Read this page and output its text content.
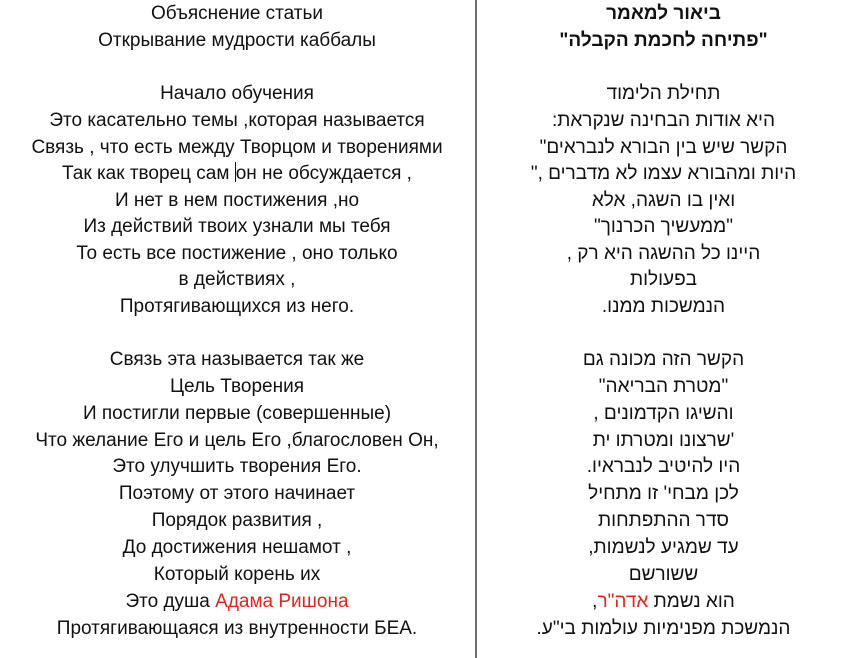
Объяснение статьи
Открывание мудрости каббалы
Начало обучения
Это касательно темы ,которая называется
Связь , что есть между Творцом и творениями
Так как творец сам он не обсуждается ,
И нет в нем постижения ,но
Из действий твоих узнали мы тебя
То есть все постижение , оно только
в действиях ,
Протягивающихся из него.
Связь эта называется так же
Цель Творения
И постигли первые (совершенные)
Что желание Его и цель Его ,благословен Он,
Это улучшить творения Его.
Поэтому от этого начинает
Порядок развития ,
До достижения нешамот ,
Который корень их
Это душа Адама Ришона
Протягивающаяся из внутренности БЕА.
ביאור למאמר
"פתיחה לחכמת הקבלה"
תחילת הלימוד
היא אודות הבחינה שנקראת:
הקשר שיש בין הבורא לנבראים"
היות ומהבורא עצמו לא מדברים ,"
ואין בו השגה, אלא
"ממעשיך הכרנוך"
היינו כל ההשגה היא רק ,
בפעולות
הנמשכות ממנו.
הקשר הזה מכונה גם
"מטרת הבריאה"
והשיגו הקדמונים ,
'שרצונו ומטרתו ית
היו להיטיב לנבראיו.
לכן מבחי' זו מתחיל
סדר ההתפתחות
עד שמגיע לנשמות,
ששורשם
הוא נשמת אדה"ר,
הנמשכת מפנימיות עולמות בי"ע.
